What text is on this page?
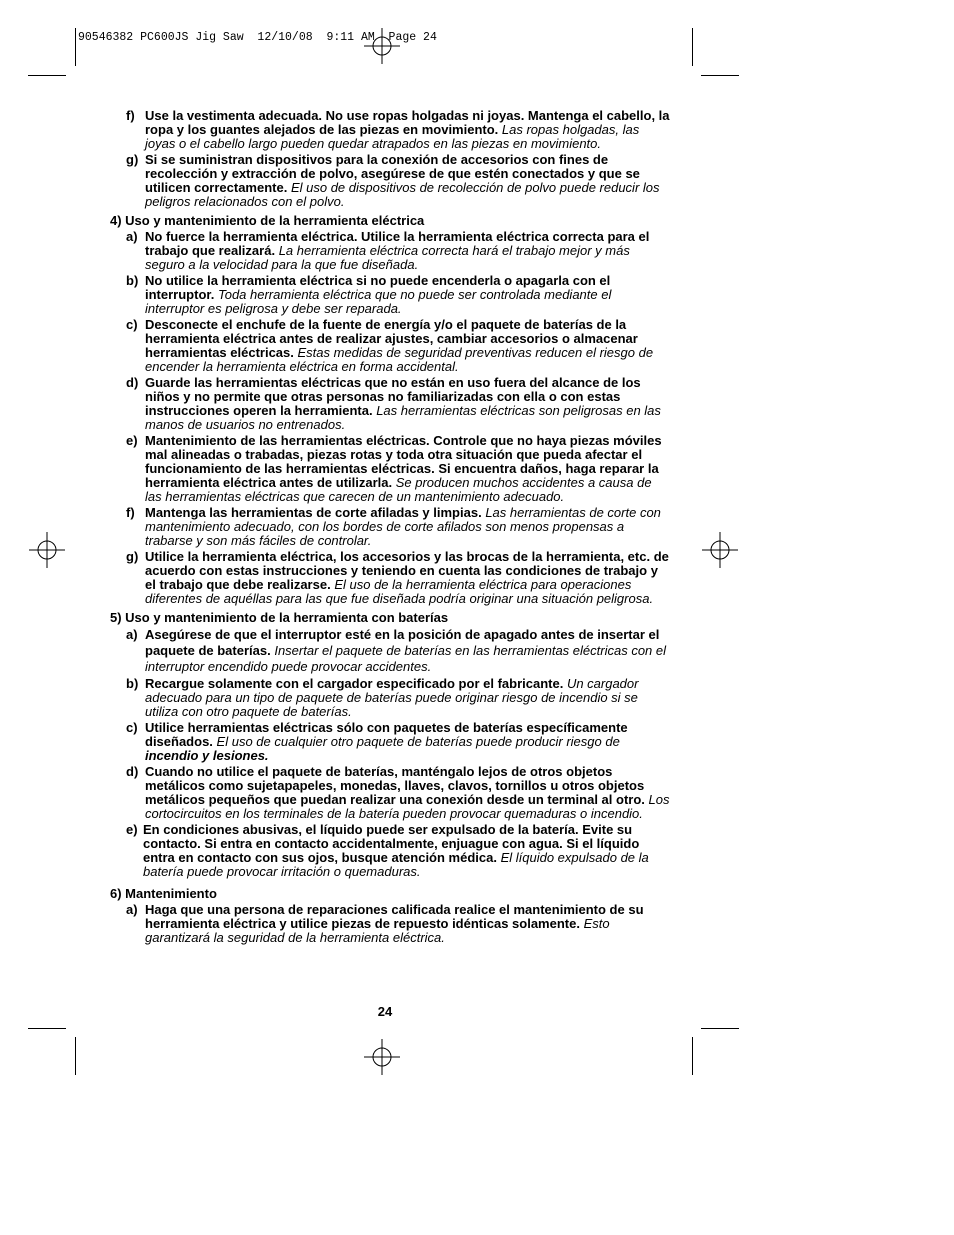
90546382 PC600JS Jig Saw  12/10/08  9:11 AM  Page 24
f) Use la vestimenta adecuada. No use ropas holgadas ni joyas. Mantenga el cabello, la ropa y los guantes alejados de las piezas en movimiento. Las ropas holgadas, las joyas o el cabello largo pueden quedar atrapados en las piezas en movimiento.
g) Si se suministran dispositivos para la conexión de accesorios con fines de recolección y extracción de polvo, asegúrese de que estén conectados y que se utilicen correctamente. El uso de dispositivos de recolección de polvo puede reducir los peligros relacionados con el polvo.
4) Uso y mantenimiento de la herramienta eléctrica
a) No fuerce la herramienta eléctrica. Utilice la herramienta eléctrica correcta para el trabajo que realizará. La herramienta eléctrica correcta hará el trabajo mejor y más seguro a la velocidad para la que fue diseñada.
b) No utilice la herramienta eléctrica si no puede encenderla o apagarla con el interruptor. Toda herramienta eléctrica que no puede ser controlada mediante el interruptor es peligrosa y debe ser reparada.
c) Desconecte el enchufe de la fuente de energía y/o el paquete de baterías de la herramienta eléctrica antes de realizar ajustes, cambiar accesorios o almacenar herramientas eléctricas. Estas medidas de seguridad preventivas reducen el riesgo de encender la herramienta eléctrica en forma accidental.
d) Guarde las herramientas eléctricas que no están en uso fuera del alcance de los niños y no permite que otras personas no familiarizadas con ella o con estas instrucciones operen la herramienta. Las herramientas eléctricas son peligrosas en las manos de usuarios no entrenados.
e) Mantenimiento de las herramientas eléctricas. Controle que no haya piezas móviles mal alineadas o trabadas, piezas rotas y toda otra situación que pueda afectar el funcionamiento de las herramientas eléctricas. Si encuentra daños, haga reparar la herramienta eléctrica antes de utilizarla. Se producen muchos accidentes a causa de las herramientas eléctricas que carecen de un mantenimiento adecuado.
f) Mantenga las herramientas de corte afiladas y limpias. Las herramientas de corte con mantenimiento adecuado, con los bordes de corte afilados son menos propensas a trabarse y son más fáciles de controlar.
g) Utilice la herramienta eléctrica, los accesorios y las brocas de la herramienta, etc. de acuerdo con estas instrucciones y teniendo en cuenta las condiciones de trabajo y el trabajo que debe realizarse. El uso de la herramienta eléctrica para operaciones diferentes de aquéllas para las que fue diseñada podría originar una situación peligrosa.
5) Uso y mantenimiento de la herramienta con baterías
a) Asegúrese de que el interruptor esté en la posición de apagado antes de insertar el paquete de baterías. Insertar el paquete de baterías en las herramientas eléctricas con el interruptor encendido puede provocar accidentes.
b) Recargue solamente con el cargador especificado por el fabricante. Un cargador adecuado para un tipo de paquete de baterías puede originar riesgo de incendio si se utiliza con otro paquete de baterías.
c) Utilice herramientas eléctricas sólo con paquetes de baterías específicamente diseñados. El uso de cualquier otro paquete de baterías puede producir riesgo de incendio y lesiones.
d) Cuando no utilice el paquete de baterías, manténgalo lejos de otros objetos metálicos como sujetapapeles, monedas, llaves, clavos, tornillos u otros objetos metálicos pequeños que puedan realizar una conexión desde un terminal al otro. Los cortocircuitos en los terminales de la batería pueden provocar quemaduras o incendio.
e) En condiciones abusivas, el líquido puede ser expulsado de la batería. Evite su contacto. Si entra en contacto accidentalmente, enjuague con agua. Si el líquido entra en contacto con sus ojos, busque atención médica. El líquido expulsado de la batería puede provocar irritación o quemaduras.
6) Mantenimiento
a) Haga que una persona de reparaciones calificada realice el mantenimiento de su herramienta eléctrica y utilice piezas de repuesto idénticas solamente. Esto garantizará la seguridad de la herramienta eléctrica.
24
